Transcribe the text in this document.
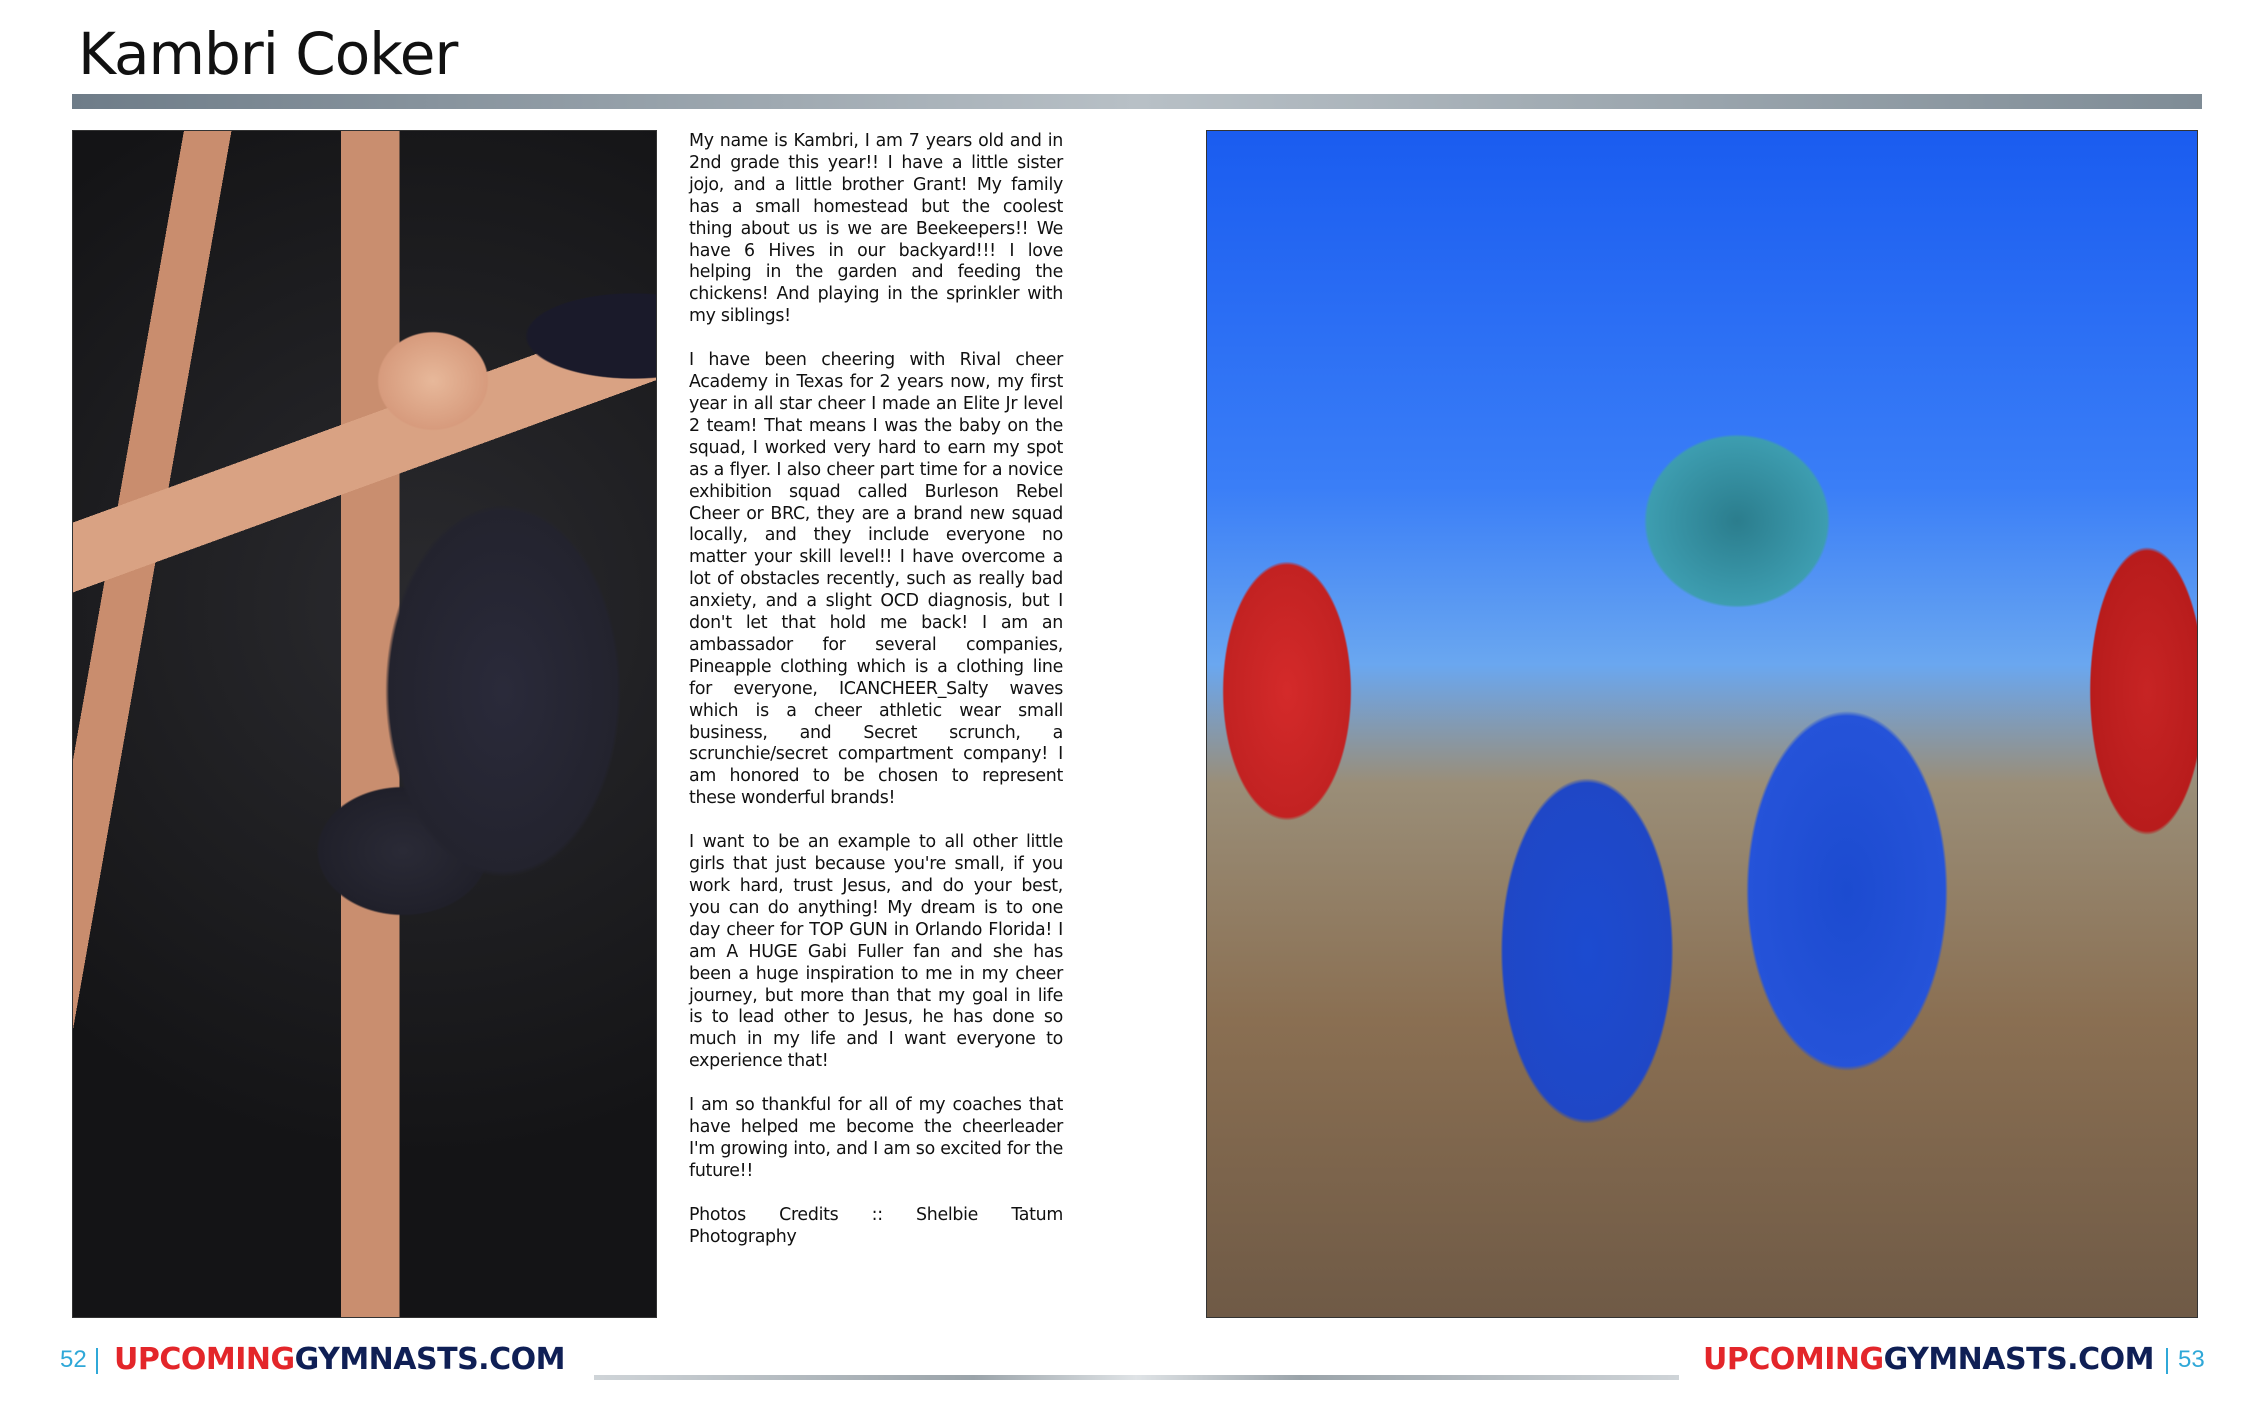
Kambri Coker

My name is Kambri, I am 7 years old and in 2nd grade this year!! I have a little sister jojo, and a little brother Grant! My family has a small homestead but the coolest thing about us is we are Beekeepers!! We have 6 Hives in our backyard!!! I love helping in the garden and feeding the chickens! And playing in the sprinkler with my siblings!

I have been cheering with Rival cheer Academy in Texas for 2 years now, my first year in all star cheer I made an Elite Jr level 2 team! That means I was the baby on the squad, I worked very hard to earn my spot as a flyer. I also cheer part time for a novice exhibition squad called Burleson Rebel Cheer or BRC, they are a brand new squad locally, and they include everyone no matter your skill level!! I have overcome a lot of obstacles recently, such as really bad anxiety, and a slight OCD diagnosis, but I don't let that hold me back! I am an ambassador for several companies, Pineapple clothing which is a clothing line for everyone, ICANCHEER_Salty waves which is a cheer athletic wear small business, and Secret scrunch, a scrunchie/secret compartment company! I am honored to be chosen to represent these wonderful brands!

I want to be an example to all other little girls that just because you're small, if you work hard, trust Jesus, and do your best, you can do anything! My dream is to one day cheer for TOP GUN in Orlando Florida! I am A HUGE Gabi Fuller fan and she has been a huge inspiration to me in my cheer journey, but more than that my goal in life is to lead other to Jesus, he has done so much in my life and I want everyone to experience that!

I am so thankful for all of my coaches that have helped me become the cheerleader I'm growing into, and I am so excited for the future!!

Photos Credits :: Shelbie Tatum Photography

52 UPCOMINGGYMNASTS.COM	UPCOMINGGYMNASTS.COM 53
